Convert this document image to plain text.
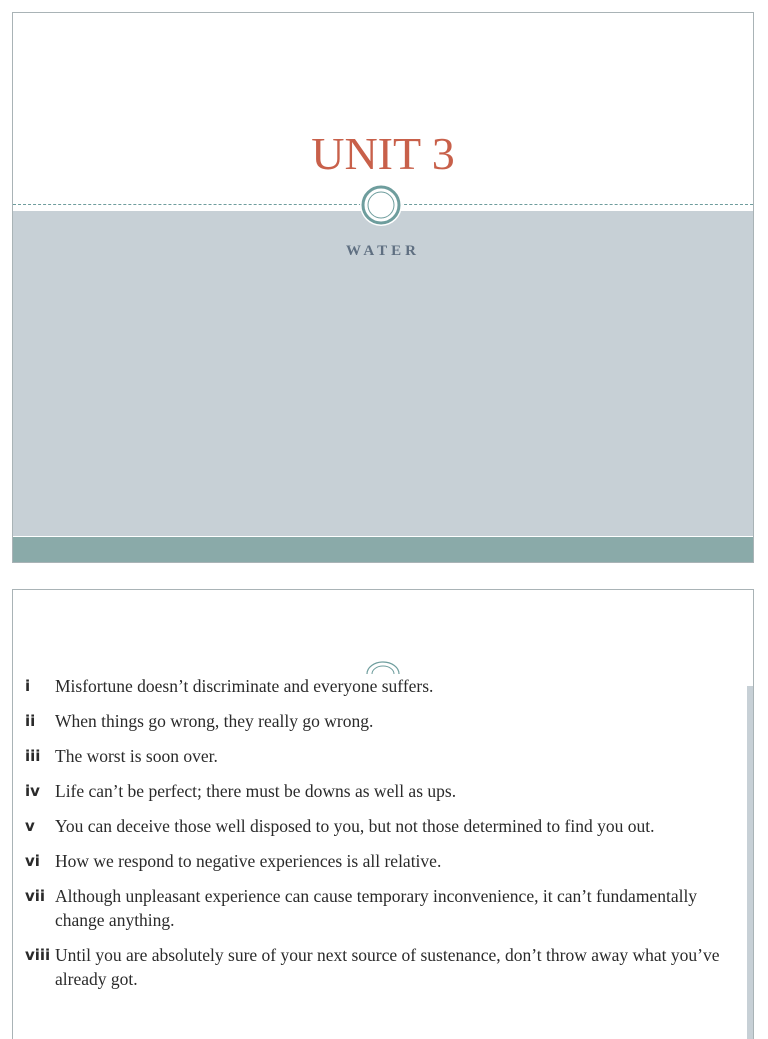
UNIT 3
WATER
i	Misfortune doesn’t discriminate and everyone suffers.
ii	When things go wrong, they really go wrong.
iii The worst is soon over.
iv Life can’t be perfect; there must be downs as well as ups.
v	You can deceive those well disposed to you, but not those determined to find you out.
vi How we respond to negative experiences is all relative.
vii Although unpleasant experience can cause temporary inconvenience, it can’t fundamentally change anything.
viii Until you are absolutely sure of your next source of sustenance, don’t throw away what you’ve already got.
